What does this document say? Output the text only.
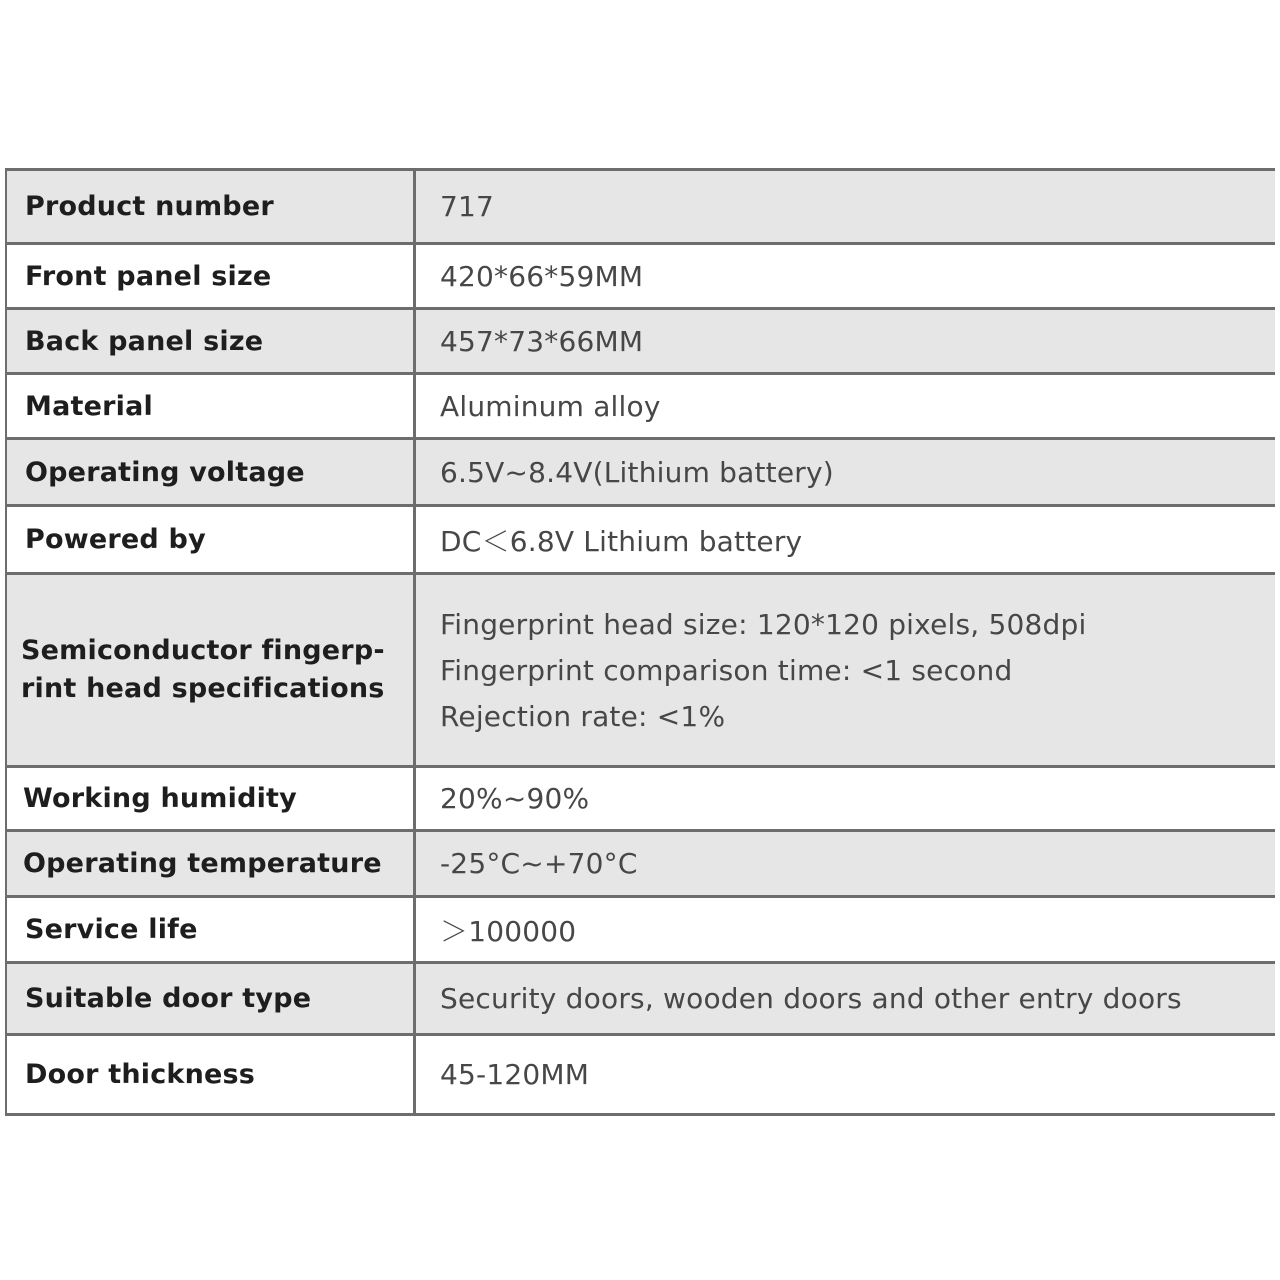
Product number	717
Front panel size	420*66*59MM
Back panel size	457*73*66MM
Material	Aluminum alloy
Operating voltage	6.5V~8.4V(Lithium battery)
Powered by	DC＜6.8V Lithium battery

Semiconductor fingerp-
rint head specifications	Fingerprint head size: 120*120 pixels, 508dpi
Fingerprint comparison time: <1 second
Rejection rate: <1%

Working humidity	20%~90%
Operating temperature	-25°C~+70°C
Service life	＞100000
Suitable door type	Security doors, wooden doors and other entry doors
Door thickness	45-120MM
